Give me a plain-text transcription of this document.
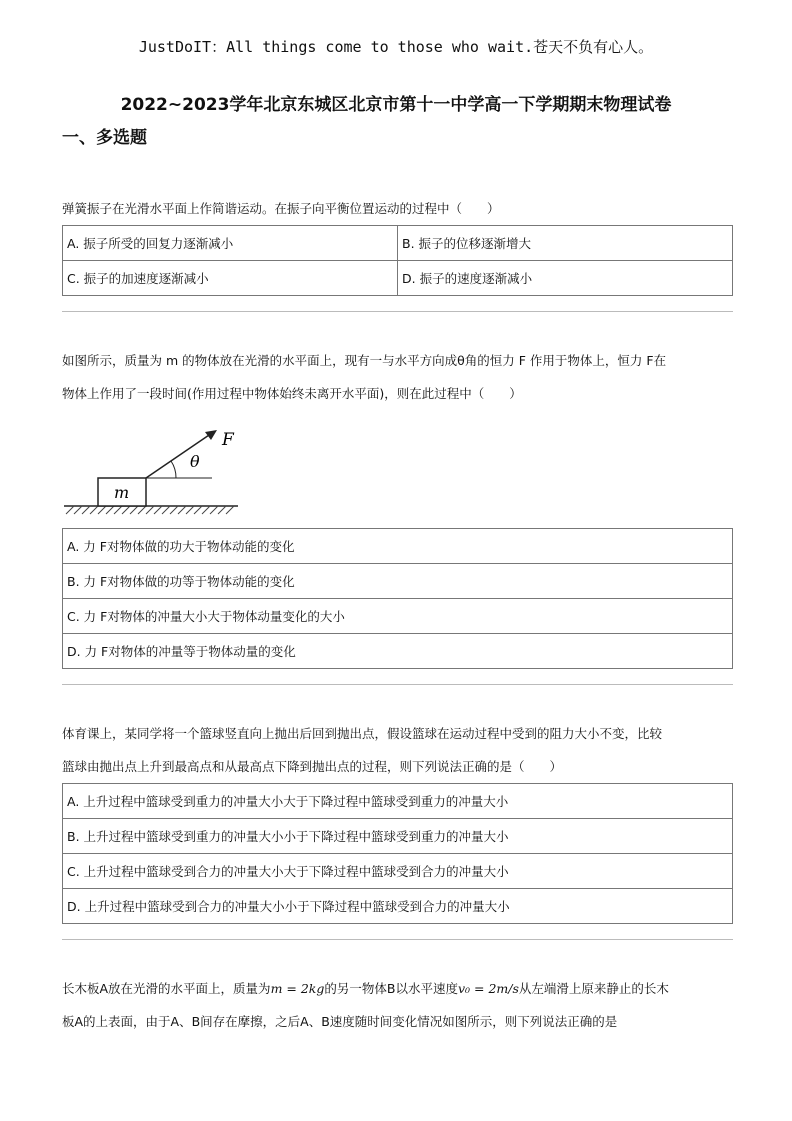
JustDoIT：All things come to those who wait.苍天不负有心人。
2022~2023学年北京东城区北京市第十一中学高一下学期期末物理试卷
一、多选题
弹簧振子在光滑水平面上作简谐运动。在振子向平衡位置运动的过程中（　　）
A. 振子所受的回复力逐渐减小	B. 振子的位移逐渐增大
C. 振子的加速度逐渐减小	D. 振子的速度逐渐减小
如图所示，质量为 m 的物体放在光滑的水平面上，现有一与水平方向成θ角的恒力 F 作用于物体上，恒力 F在
物体上作用了一段时间(作用过程中物体始终未离开水平面)，则在此过程中（　　）
m
F
θ
A. 力 F对物体做的功大于物体动能的变化
B. 力 F对物体做的功等于物体动能的变化
C. 力 F对物体的冲量大小大于物体动量变化的大小
D. 力 F对物体的冲量等于物体动量的变化
体育课上，某同学将一个篮球竖直向上抛出后回到抛出点，假设篮球在运动过程中受到的阻力大小不变，比较
篮球由抛出点上升到最高点和从最高点下降到抛出点的过程，则下列说法正确的是（　　）
A. 上升过程中篮球受到重力的冲量大小大于下降过程中篮球受到重力的冲量大小
B. 上升过程中篮球受到重力的冲量大小小于下降过程中篮球受到重力的冲量大小
C. 上升过程中篮球受到合力的冲量大小大于下降过程中篮球受到合力的冲量大小
D. 上升过程中篮球受到合力的冲量大小小于下降过程中篮球受到合力的冲量大小
长木板A放在光滑的水平面上，质量为m = 2kg的另一物体B以水平速度v₀ = 2m/s从左端滑上原来静止的长木
板A的上表面，由于A、B间存在摩擦，之后A、B速度随时间变化情况如图所示，则下列说法正确的是
